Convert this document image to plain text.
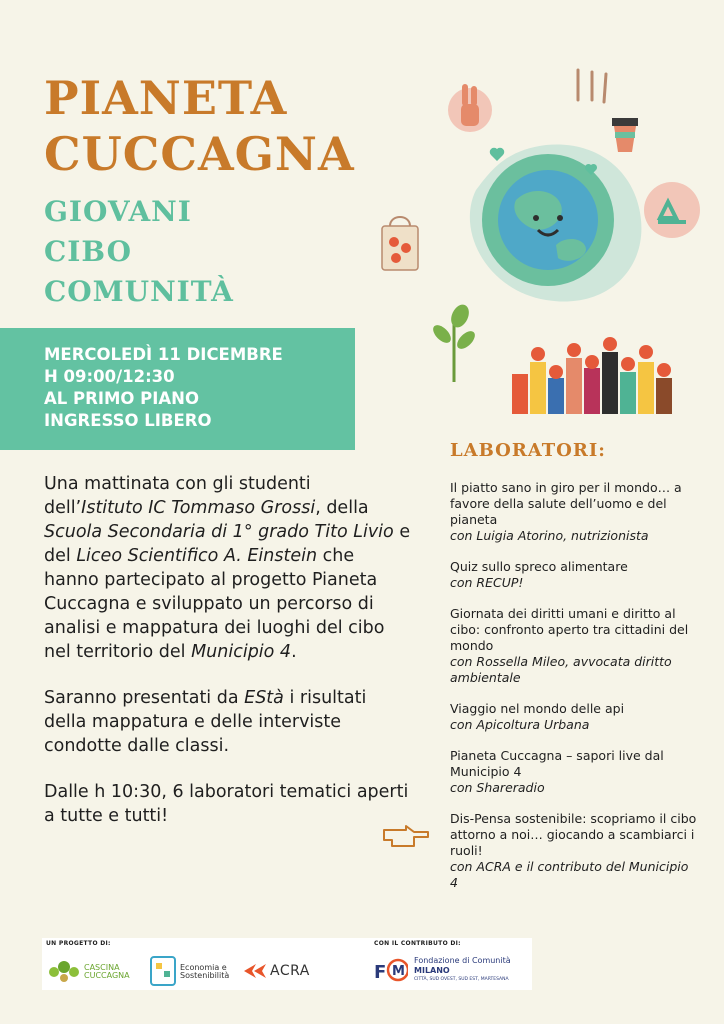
PIANETA
CUCCAGNA
GIOVANI
CIBO
COMUNITÀ
MERCOLEDÌ 11 DICEMBRE
H 09:00/12:30
AL PRIMO PIANO
INGRESSO LIBERO

Una mattinata con gli studenti dell’Istituto IC Tommaso Grossi, della Scuola Secondaria di 1° grado Tito Livio e del Liceo Scientifico A. Einstein che hanno partecipato al progetto Pianeta Cuccagna e sviluppato un percorso di analisi e mappatura dei luoghi del cibo nel territorio del Municipio 4.

Saranno presentati da EStà i risultati della mappatura e delle interviste condotte dalle classi.

Dalle h 10:30, 6 laboratori tematici aperti a tutte e tutti!

LABORATORI:
Il piatto sano in giro per il mondo… a favore della salute dell’uomo e del pianeta
con Luigia Atorino, nutrizionista
Quiz sullo spreco alimentare
con RECUP!
Giornata dei diritti umani e diritto al cibo: confronto aperto tra cittadini del mondo
con Rossella Mileo, avvocata diritto ambientale
Viaggio nel mondo delle api
con Apicoltura Urbana
Pianeta Cuccagna – sapori live dal Municipio 4
con Shareradio
Dis-Pensa sostenibile: scopriamo il cibo attorno a noi… giocando a scambiarci i ruoli!
con ACRA e il contributo del Municipio 4
UN PROGETTO DI:	CON IL CONTRIBUTO DI:
CASCINA
CUCCAGNA
Economia e
Sostenibilità	ACRA	F M
Fondazione di Comunità
MILANO
CITTÀ, SUD OVEST, SUD EST, MARTESANA
